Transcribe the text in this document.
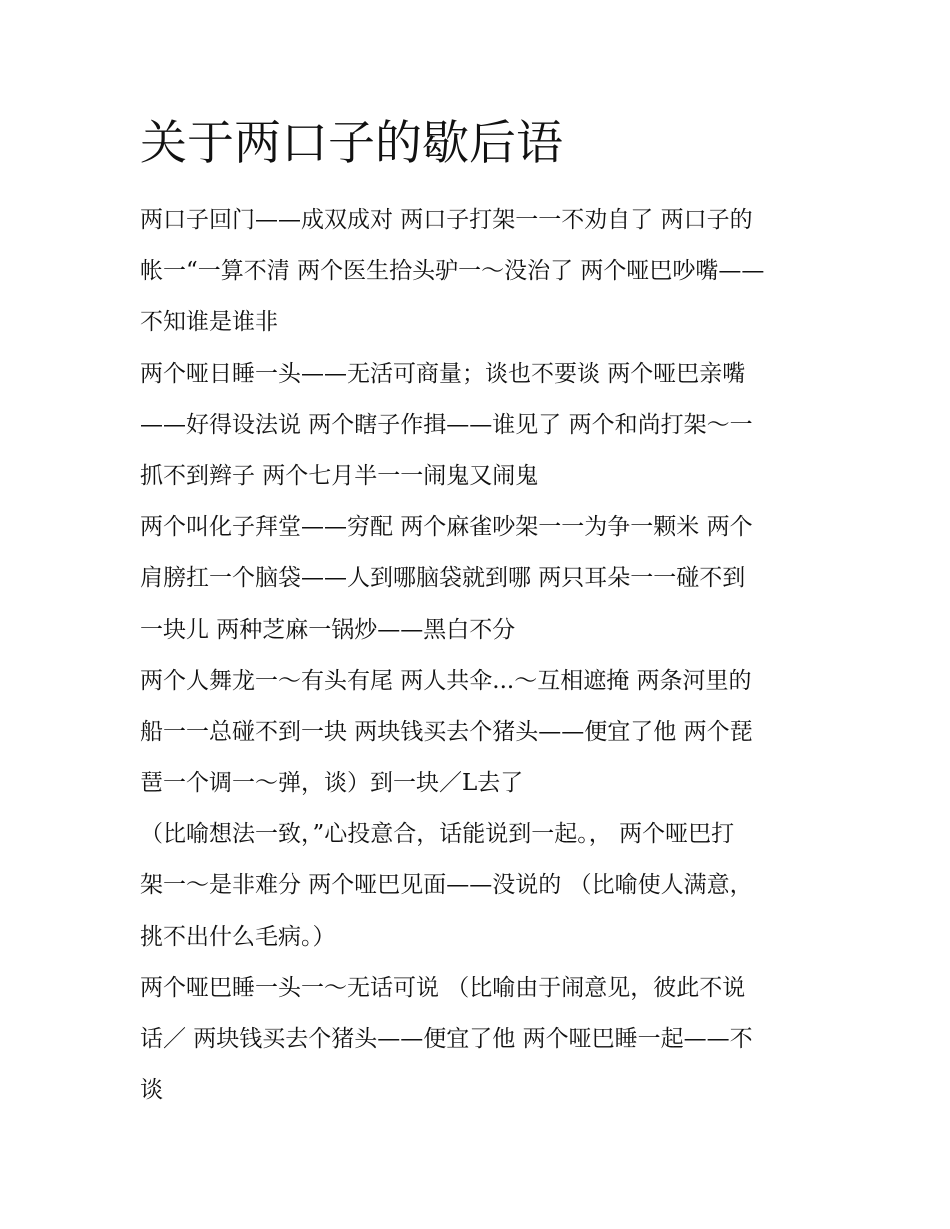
关于两口子的歇后语
两口子回门——成双成对 两口子打架一一不劝自了 两口子的
帐一“一算不清 两个医生拾头驴一～没治了 两个哑巴吵嘴——
不知谁是谁非
两个哑日睡一头——无活可商量；谈也不要谈 两个哑巴亲嘴
——好得设法说 两个瞎子作揖——谁见了 两个和尚打架～一
抓不到辫子 两个七月半一一闹鬼又闹鬼
两个叫化子拜堂——穷配 两个麻雀吵架一一为争一颗米 两个
肩膀扛一个脑袋——人到哪脑袋就到哪 两只耳朵一一碰不到
一块儿 两种芝麻一锅炒——黑白不分
两个人舞龙一～有头有尾 两人共伞...～互相遮掩 两条河里的
船一一总碰不到一块 两块钱买去个猪头——便宜了他 两个琵
琶一个调一～弹，谈）到一块／L去了
（比喻想法一致，”心投意合，话能说到一起。， 两个哑巴打
架一～是非难分 两个哑巴见面——没说的 （比喻使人满意，
挑不出什么毛病。）
两个哑巴睡一头一～无话可说 （比喻由于闹意见，彼此不说
话／ 两块钱买去个猪头——便宜了他 两个哑巴睡一起——不
谈
